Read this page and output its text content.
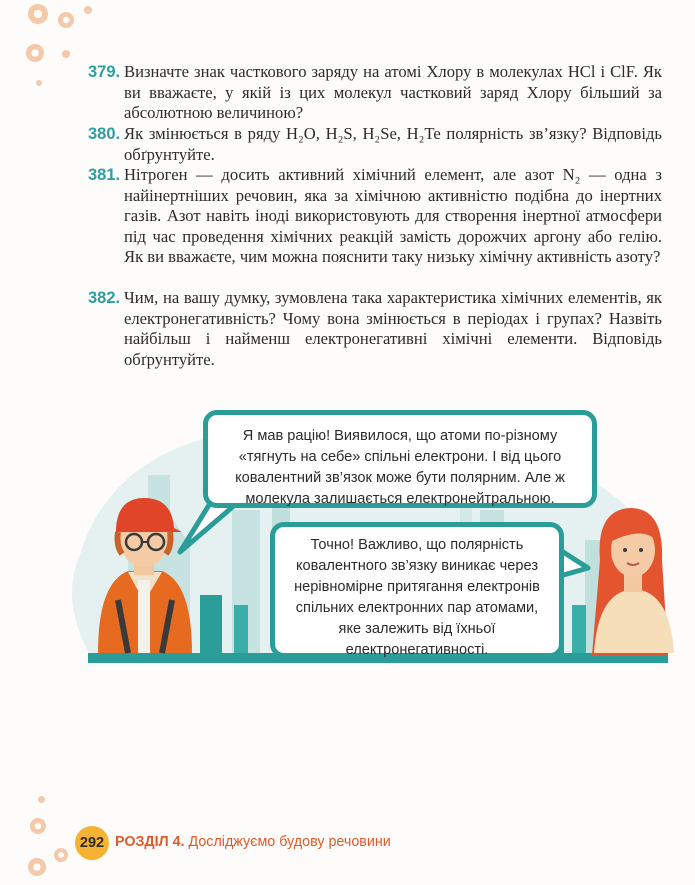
379. Визначте знак часткового заряду на атомі Хлору в молекулах HCl і ClF. Як ви вважаєте, у якій із цих молекул частковий заряд Хлору більший за абсолютною величиною?
380. Як змінюється в ряду H₂O, H₂S, H₂Se, H₂Te полярність зв’язку? Відповідь обґрунтуйте.
381. Нітроген — досить активний хімічний елемент, але азот N₂ — одна з найінертніших речовин, яка за хімічною активністю подібна до інертних газів. Азот навіть іноді використовують для створення інертної атмосфери під час проведення хімічних реакцій замість дорожчих аргону або гелію. Як ви вважаєте, чим можна пояснити таку низьку хімічну активність азоту?
382. Чим, на вашу думку, зумовлена така характеристика хімічних елементів, як електронегативність? Чому вона змінюється в періодах і групах? Назвіть найбільш і найменш електронегативні хімічні елементи. Відповідь обґрунтуйте.
Я мав рацію! Виявилося, що атоми по-різному «тягнуть на себе» спільні електрони. І від цього ковалентний зв’язок може бути полярним. Але ж молекула залишається електронейтральною.
Точно! Важливо, що полярність ковалентного зв’язку виникає через нерівномірне притягання електронів спільних електронних пар атомами, яке залежить від їхньої електронегативності.
292 РОЗДІЛ 4. Досліджуємо будову речовини
